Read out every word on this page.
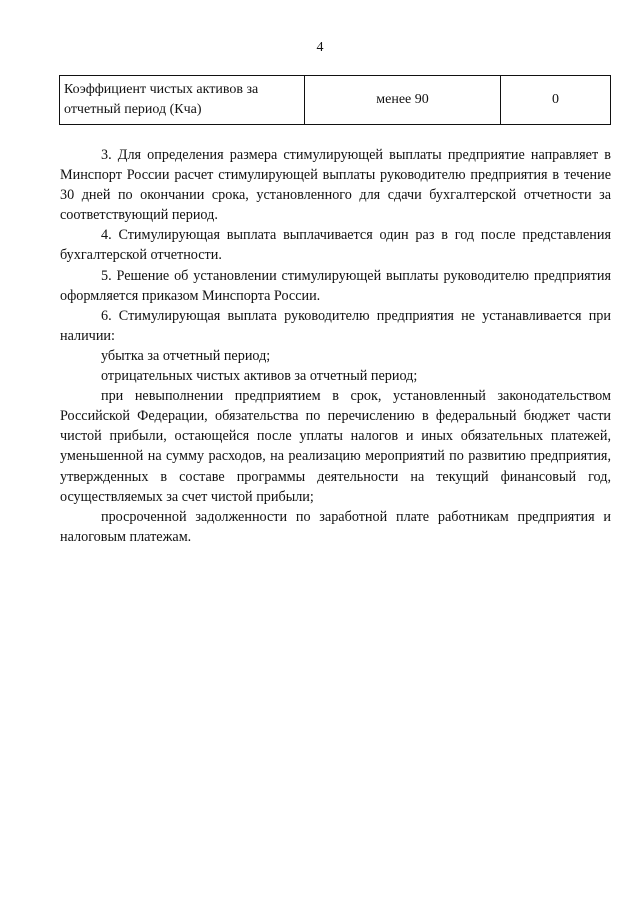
4
Коэффициент чистых активов за отчетный период (Кча)	менее 90	0

3. Для определения размера стимулирующей выплаты предприятие направляет в Минспорт России расчет стимулирующей выплаты руководителю предприятия в течение 30 дней по окончании срока, установленного для сдачи бухгалтерской отчетности за соответствующий период.

4. Стимулирующая выплата выплачивается один раз в год после представления бухгалтерской отчетности.

5. Решение об установлении стимулирующей выплаты руководителю предприятия оформляется приказом Минспорта России.

6. Стимулирующая выплата руководителю предприятия не устанавливается при наличии:

убытка за отчетный период;

отрицательных чистых активов за отчетный период;

при невыполнении предприятием в срок, установленный законодательством Российской Федерации, обязательства по перечислению в федеральный бюджет части чистой прибыли, остающейся после уплаты налогов и иных обязательных платежей, уменьшенной на сумму расходов, на реализацию мероприятий по развитию предприятия, утвержденных в составе программы деятельности на текущий финансовый год, осуществляемых за счет чистой прибыли;

просроченной задолженности по заработной плате работникам предприятия и налоговым платежам.
